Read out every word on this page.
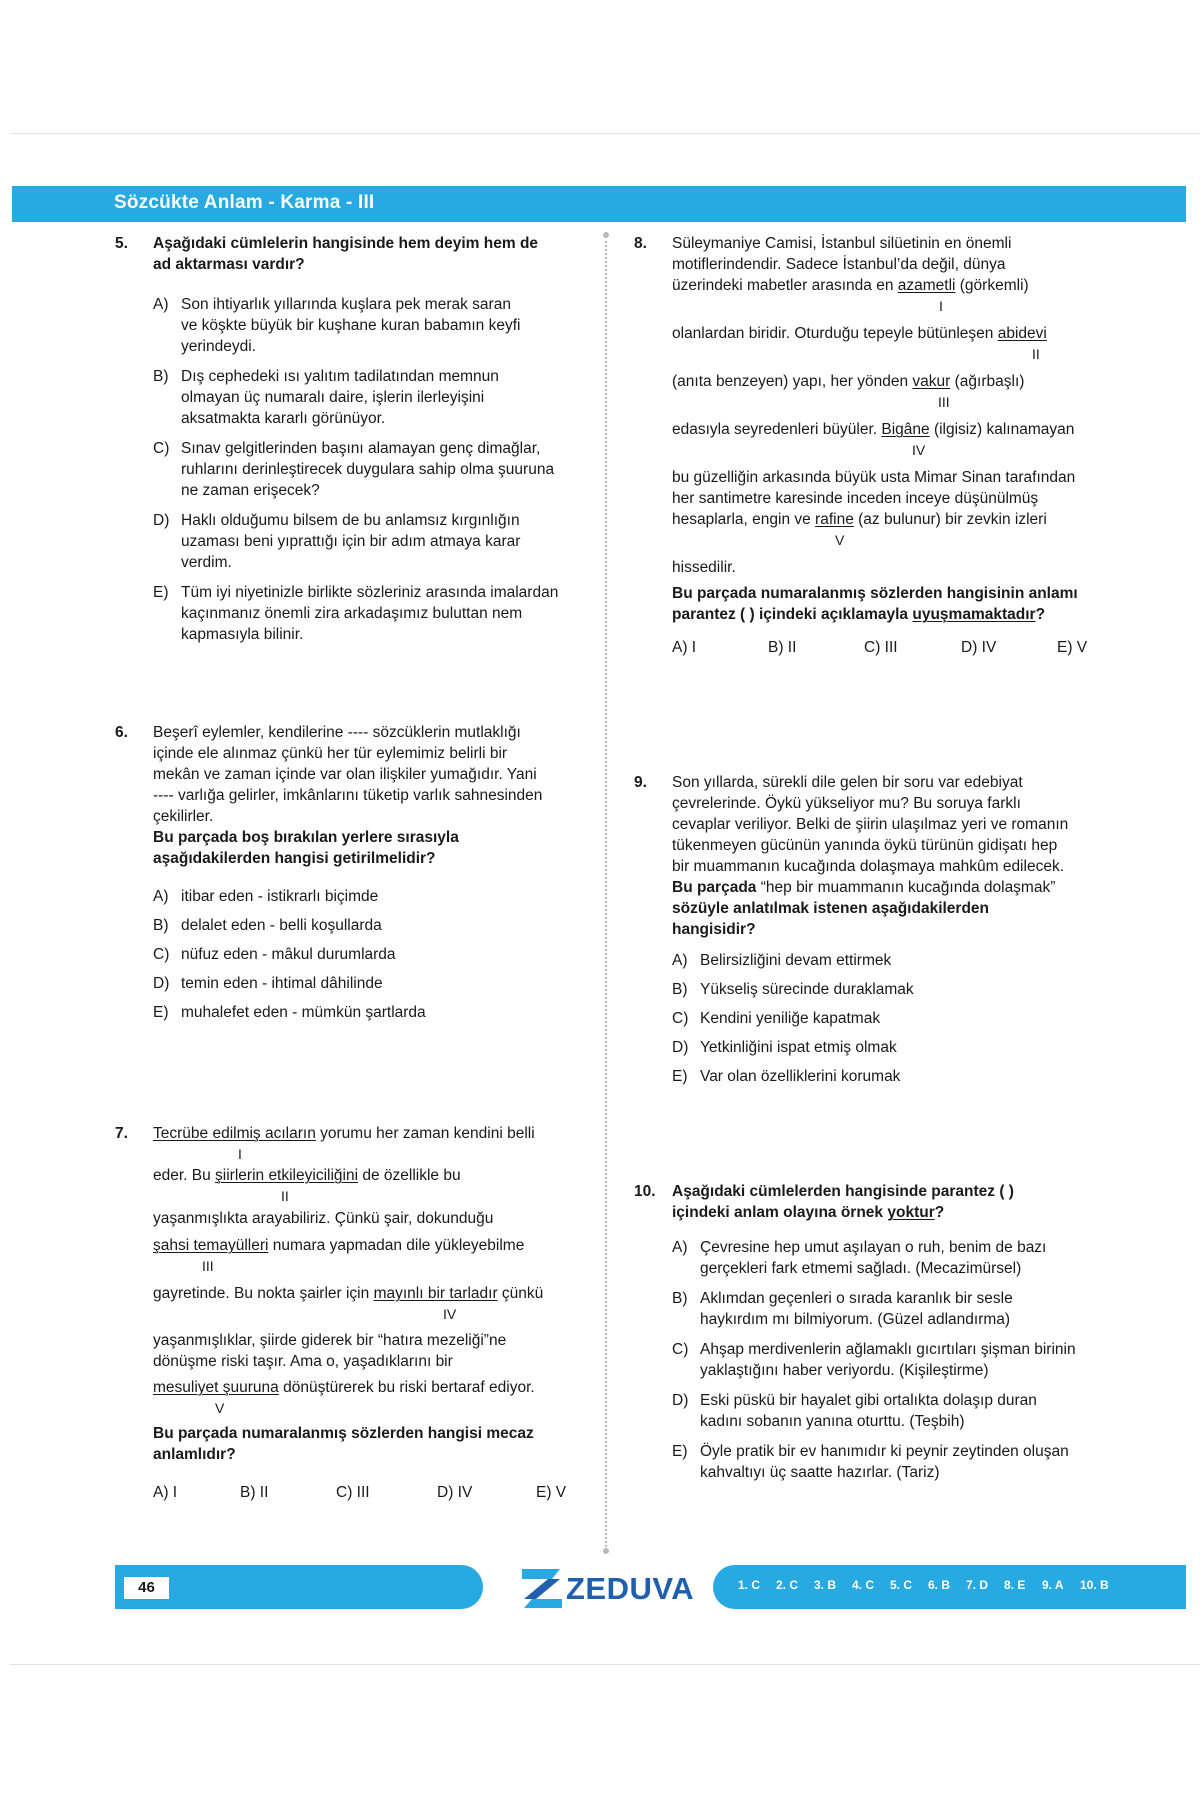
Sözcükte Anlam - Karma - III
5. Aşağıdaki cümlelerin hangisinde hem deyim hem de
ad aktarması vardır?
A) Son ihtiyarlık yıllarında kuşlara pek merak saran
ve köşkte büyük bir kuşhane kuran babamın keyfi
yerindeydi.
B) Dış cephedeki ısı yalıtım tadilatından memnun
olmayan üç numaralı daire, işlerin ilerleyişini
aksatmakta kararlı görünüyor.
C) Sınav gelgitlerinden başını alamayan genç dimağlar,
ruhlarını derinleştirecek duygulara sahip olma şuuruna
ne zaman erişecek?
D) Haklı olduğumu bilsem de bu anlamsız kırgınlığın
uzaması beni yıprattığı için bir adım atmaya karar
verdim.
E) Tüm iyi niyetinizle birlikte sözleriniz arasında imalardan
kaçınmanız önemli zira arkadaşımız buluttan nem
kapmasıyla bilinir.
6. Beşerî eylemler, kendilerine ---- sözcüklerin mutlaklığı
içinde ele alınmaz çünkü her tür eylemimiz belirli bir
mekân ve zaman içinde var olan ilişkiler yumağıdır. Yani
---- varlığa gelirler, imkânlarını tüketip varlık sahnesinden
çekilirler.
Bu parçada boş bırakılan yerlere sırasıyla
aşağıdakilerden hangisi getirilmelidir?
A) itibar eden - istikrarlı biçimde
B) delalet eden - belli koşullarda
C) nüfuz eden - mâkul durumlarda
D) temin eden - ihtimal dâhilinde
E) muhalefet eden - mümkün şartlarda
7. Tecrübe edilmiş acıların yorumu her zaman kendini belli
I
eder. Bu şiirlerin etkileyiciliğini de özellikle bu
II
yaşanmışlıkta arayabiliriz. Çünkü şair, dokunduğu
şahsi temayülleri numara yapmadan dile yükleyebilme
III
gayretinde. Bu nokta şairler için mayınlı bir tarladır çünkü
IV
yaşanmışlıklar, şiirde giderek bir “hatıra mezeliği”ne
dönüşme riski taşır. Ama o, yaşadıklarını bir
mesuliyet şuuruna dönüştürerek bu riski bertaraf ediyor.
V
Bu parçada numaralanmış sözlerden hangisi mecaz
anlamlıdır?
A) I	B) II	C) III	D) IV	E) V
8. Süleymaniye Camisi, İstanbul silüetinin en önemli
motiflerindendir. Sadece İstanbul’da değil, dünya
üzerindeki mabetler arasında en azametli (görkemli)
I
olanlardan biridir. Oturduğu tepeyle bütünleşen abidevi
II
(anıta benzeyen) yapı, her yönden vakur (ağırbaşlı)
III
edasıyla seyredenleri büyüler. Bigâne (ilgisiz) kalınamayan
IV
bu güzelliğin arkasında büyük usta Mimar Sinan tarafından
her santimetre karesinde inceden inceye düşünülmüş
hesaplarla, engin ve rafine (az bulunur) bir zevkin izleri
V
hissedilir.
Bu parçada numaralanmış sözlerden hangisinin anlamı
parantez ( ) içindeki açıklamayla uyuşmamaktadır?
A) I	B) II	C) III	D) IV	E) V
9. Son yıllarda, sürekli dile gelen bir soru var edebiyat
çevrelerinde. Öykü yükseliyor mu? Bu soruya farklı
cevaplar veriliyor. Belki de şiirin ulaşılmaz yeri ve romanın
tükenmeyen gücünün yanında öykü türünün gidişatı hep
bir muammanın kucağında dolaşmaya mahkûm edilecek.
Bu parçada “hep bir muammanın kucağında dolaşmak”
sözüyle anlatılmak istenen aşağıdakilerden
hangisidir?
A) Belirsizliğini devam ettirmek
B) Yükseliş sürecinde duraklamak
C) Kendini yeniliğe kapatmak
D) Yetkinliğini ispat etmiş olmak
E) Var olan özelliklerini korumak
10. Aşağıdaki cümlelerden hangisinde parantez ( )
içindeki anlam olayına örnek yoktur?
A) Çevresine hep umut aşılayan o ruh, benim de bazı
gerçekleri fark etmemi sağladı. (Mecazimürsel)
B) Aklımdan geçenleri o sırada karanlık bir sesle
haykırdım mı bilmiyorum. (Güzel adlandırma)
C) Ahşap merdivenlerin ağlamaklı gıcırtıları şişman birinin
yaklaştığını haber veriyordu. (Kişileştirme)
D) Eski püskü bir hayalet gibi ortalıkta dolaşıp duran
kadını sobanın yanına oturttu. (Teşbih)
E) Öyle pratik bir ev hanımıdır ki peynir zeytinden oluşan
kahvaltıyı üç saatte hazırlar. (Tariz)
46	ZEDUVA	1. C 2. C 3. B 4. C 5. C 6. B 7. D 8. E 9. A 10. B
